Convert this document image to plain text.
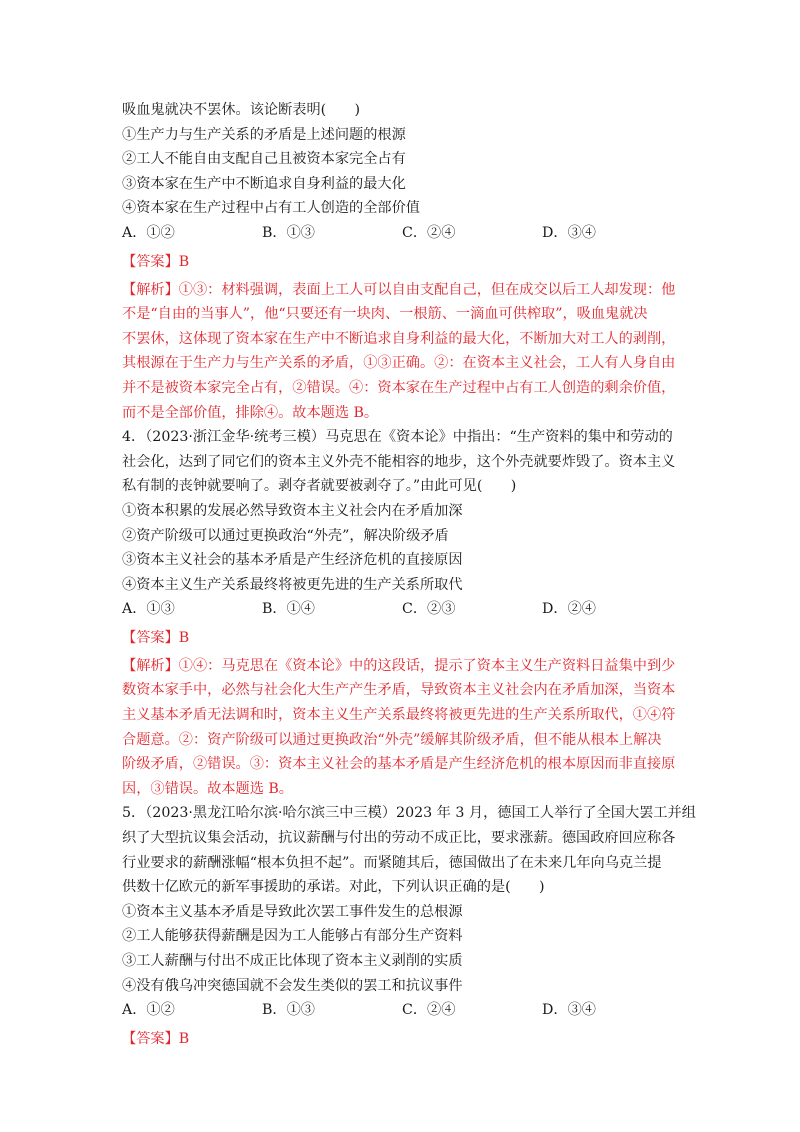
吸血鬼就决不罢休。该论断表明(　　)
①生产力与生产关系的矛盾是上述问题的根源
②工人不能自由支配自己且被资本家完全占有
③资本家在生产中不断追求自身利益的最大化
④资本家在生产过程中占有工人创造的全部价值
A．①②	B．①③	C．②④	D．③④
【答案】B
【解析】①③：材料强调，表面上工人可以自由支配自己，但在成交以后工人却发现：他
不是“自由的当事人”，他“只要还有一块肉、一根筋、一滴血可供榨取”，吸血鬼就决
不罢休，这体现了资本家在生产中不断追求自身利益的最大化，不断加大对工人的剥削，
其根源在于生产力与生产关系的矛盾，①③正确。②：在资本主义社会，工人有人身自由
并不是被资本家完全占有，②错误。④：资本家在生产过程中占有工人创造的剩余价值，
而不是全部价值，排除④。故本题选 B。
4．（2023·浙江金华·统考三模）马克思在《资本论》中指出：“生产资料的集中和劳动的
社会化，达到了同它们的资本主义外壳不能相容的地步，这个外壳就要炸毁了。资本主义
私有制的丧钟就要响了。剥夺者就要被剥夺了。”由此可见(　　)
①资本积累的发展必然导致资本主义社会内在矛盾加深
②资产阶级可以通过更换政治“外壳”，解决阶级矛盾
③资本主义社会的基本矛盾是产生经济危机的直接原因
④资本主义生产关系最终将被更先进的生产关系所取代
A．①③	B．①④	C．②③	D．②④
【答案】B
【解析】①④：马克思在《资本论》中的这段话，提示了资本主义生产资料日益集中到少
数资本家手中，必然与社会化大生产产生矛盾，导致资本主义社会内在矛盾加深，当资本
主义基本矛盾无法调和时，资本主义生产关系最终将被更先进的生产关系所取代，①④符
合题意。②：资产阶级可以通过更换政治“外壳”缓解其阶级矛盾，但不能从根本上解决
阶级矛盾，②错误。③：资本主义社会的基本矛盾是产生经济危机的根本原因而非直接原
因，③错误。故本题选 B。
5．（2023·黑龙江哈尔滨·哈尔滨三中三模）2023 年 3 月，德国工人举行了全国大罢工并组
织了大型抗议集会活动，抗议薪酬与付出的劳动不成正比，要求涨薪。德国政府回应称各
行业要求的薪酬涨幅“根本负担不起”。而紧随其后，德国做出了在未来几年向乌克兰提
供数十亿欧元的新军事援助的承诺。对此，下列认识正确的是(　　)
①资本主义基本矛盾是导致此次罢工事件发生的总根源
②工人能够获得薪酬是因为工人能够占有部分生产资料
③工人薪酬与付出不成正比体现了资本主义剥削的实质
④没有俄乌冲突德国就不会发生类似的罢工和抗议事件
A．①②	B．①③	C．②④	D．③④
【答案】B
